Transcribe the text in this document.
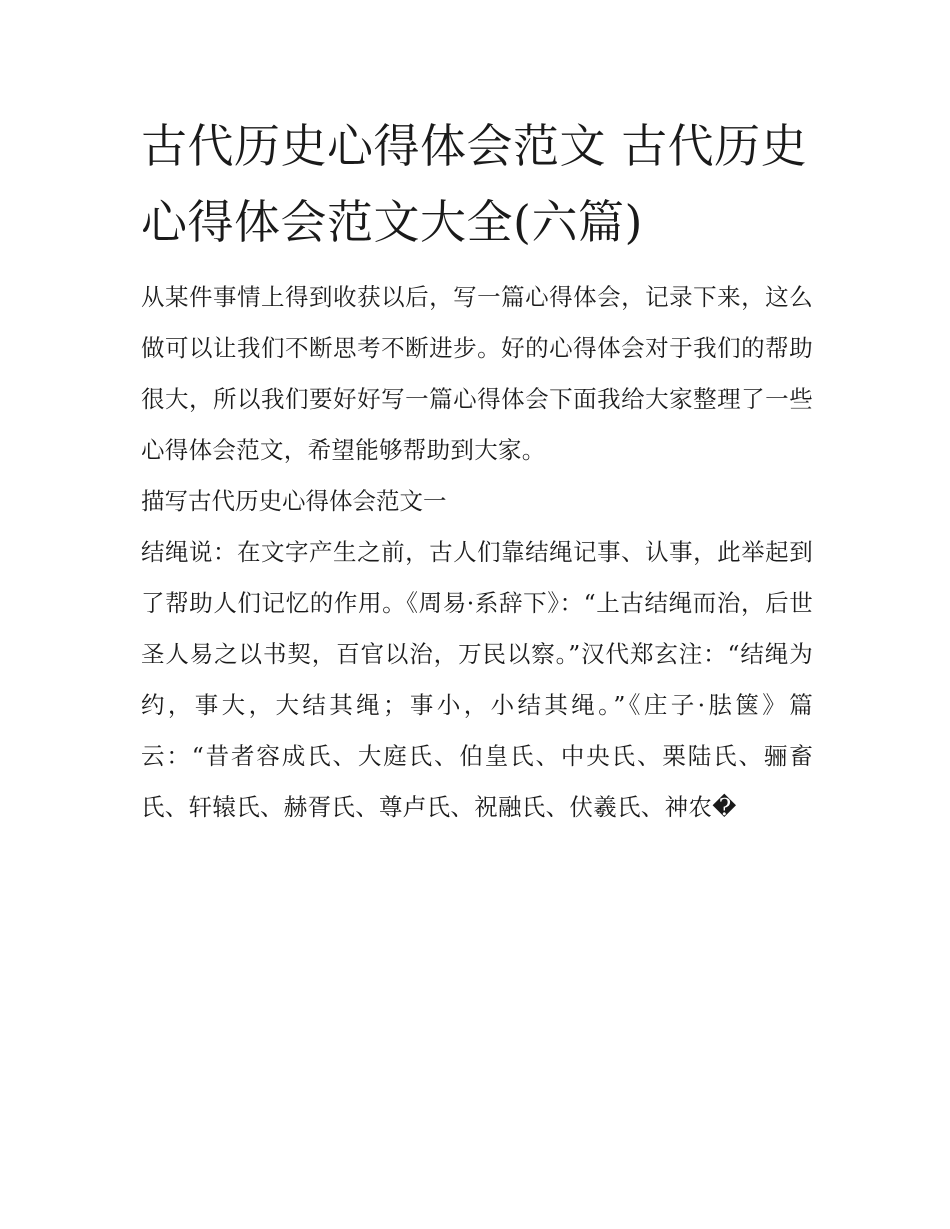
古代历史心得体会范文 古代历史心得体会范文大全(六篇)

从某件事情上得到收获以后，写一篇心得体会，记录下来，这么做可以让我们不断思考不断进步。好的心得体会对于我们的帮助很大，所以我们要好好写一篇心得体会下面我给大家整理了一些心得体会范文，希望能够帮助到大家。

描写古代历史心得体会范文一

结绳说：在文字产生之前，古人们靠结绳记事、认事，此举起到了帮助人们记忆的作用。《周易·系辞下》：“上古结绳而治，后世圣人易之以书契，百官以治，万民以察。”汉代郑玄注：“结绳为约，事大，大结其绳；事小，小结其绳。”《庄子·胠箧》篇云：“昔者容成氏、大庭氏、伯皇氏、中央氏、栗陆氏、骊畜氏、轩辕氏、赫胥氏、尊卢氏、祝融氏、伏羲氏、神农�
